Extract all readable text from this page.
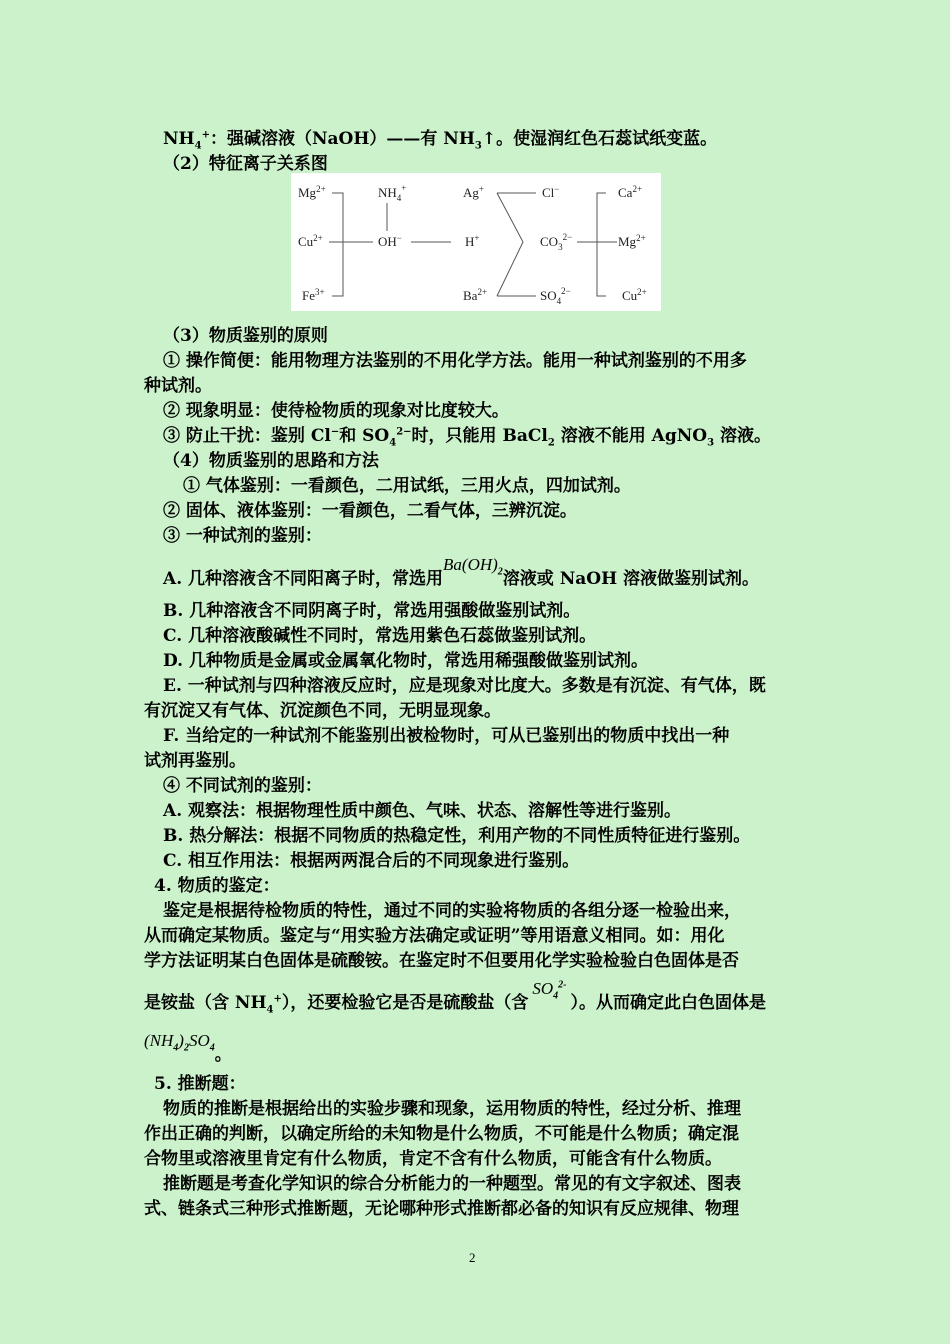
$NH_4^+$：强碱溶液（NaOH）——有 $NH_3↑$。使湿润红色石蕊试纸变蓝。
（2）特征离子关系图
$Mg^{2+}$
$Cu^{2+}$
$Fe^{3+}$
$NH_4^+$
OH−
Ag+
H+
$Ba^{2+}$
Cl−
$CO_3^{2-}$
$SO_4^{2-}$
$Ca^{2+}$
$Mg^{2+}$
$Cu^{2+}$
（3）物质鉴别的原则
① 操作简便：能用物理方法鉴别的不用化学方法。能用一种试剂鉴别的不用多
种试剂。
② 现象明显：使待检物质的现象对比度较大。
③ 防止干扰：鉴别 Cl−和 $SO_4^{2-}$时，只能用 BaCl$_2$ 溶液不能用 AgNO$_3$ 溶液。
（4）物质鉴别的思路和方法
① 气体鉴别：一看颜色，二用试纸，三用火点，四加试剂。
② 固体、液体鉴别：一看颜色，二看气体，三辨沉淀。
③ 一种试剂的鉴别：
A. 几种溶液含不同阳离子时，常选用$Ba(OH)_2$溶液或 NaOH 溶液做鉴别试剂。
B. 几种溶液含不同阴离子时，常选用强酸做鉴别试剂。
C. 几种溶液酸碱性不同时，常选用紫色石蕊做鉴别试剂。
D. 几种物质是金属或金属氧化物时，常选用稀强酸做鉴别试剂。
E. 一种试剂与四种溶液反应时，应是现象对比度大。多数是有沉淀、有气体，既
有沉淀又有气体、沉淀颜色不同，无明显现象。
F. 当给定的一种试剂不能鉴别出被检物时，可从已鉴别出的物质中找出一种
试剂再鉴别。
④ 不同试剂的鉴别：
A. 观察法：根据物理性质中颜色、气味、状态、溶解性等进行鉴别。
B. 热分解法：根据不同物质的热稳定性，利用产物的不同性质特征进行鉴别。
C. 相互作用法：根据两两混合后的不同现象进行鉴别。
4. 物质的鉴定：
鉴定是根据待检物质的特性，通过不同的实验将物质的各组分逐一检验出来，
从而确定某物质。鉴定与“用实验方法确定或证明”等用语意义相同。如：用化
学方法证明某白色固体是硫酸铵。在鉴定时不但要用化学实验检验白色固体是否
是铵盐（含 $NH_4^+$），还要检验它是否是硫酸盐（含$SO_4^{2-}$）。从而确定此白色固体是
$(NH_4)_2SO_4$。
5. 推断题：
物质的推断是根据给出的实验步骤和现象，运用物质的特性，经过分析、推理
作出正确的判断，以确定所给的未知物是什么物质，不可能是什么物质；确定混
合物里或溶液里肯定有什么物质，肯定不含有什么物质，可能含有什么物质。
推断题是考查化学知识的综合分析能力的一种题型。常见的有文字叙述、图表
式、链条式三种形式推断题，无论哪种形式推断都必备的知识有反应规律、物理
2
